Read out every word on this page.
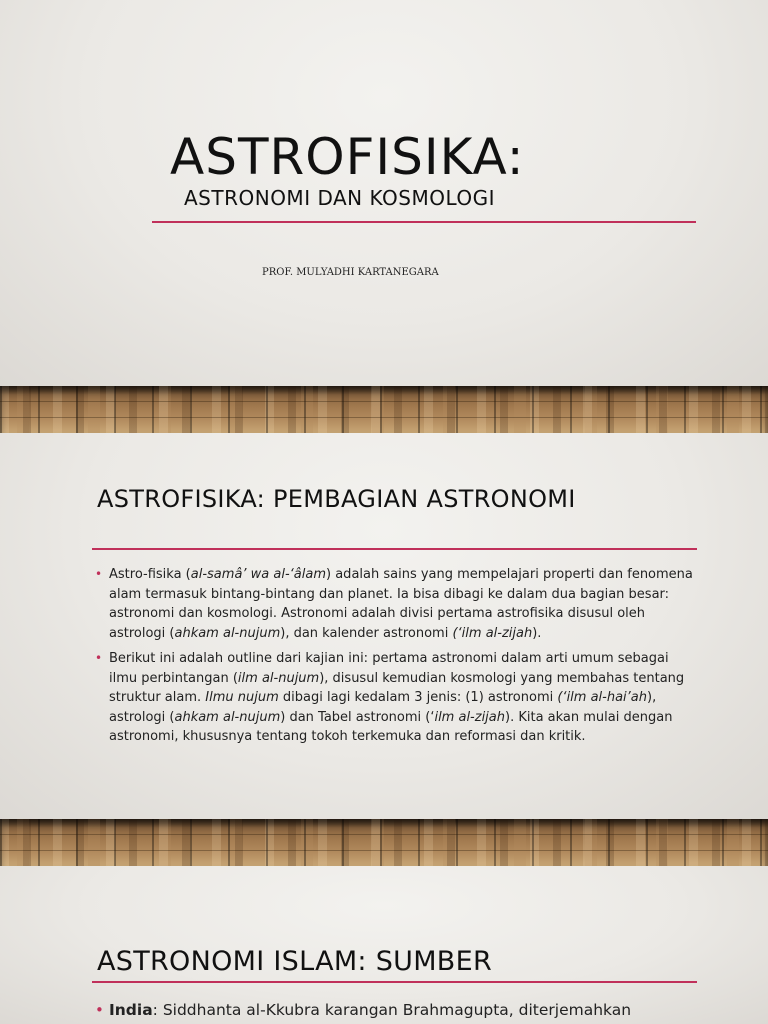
ASTROFISIKA:
ASTRONOMI DAN KOSMOLOGI

PROF. MULYADHI KARTANEGARA

ASTROFISIKA: PEMBAGIAN ASTRONOMI
• Astro-fisika (al-samâ’ wa al-‘âlam) adalah sains yang mempelajari properti dan fenomena alam termasuk bintang-bintang dan planet. Ia bisa dibagi ke dalam dua bagian besar: astronomi dan kosmologi. Astronomi adalah divisi pertama astrofisika disusul oleh astrologi (ahkam al-nujum), dan kalender astronomi (‘ilm al-zijah).
• Berikut ini adalah outline dari kajian ini: pertama astronomi dalam arti umum sebagai ilmu perbintangan (ilm al-nujum), disusul kemudian kosmologi yang membahas tentang struktur alam. Ilmu nujum dibagi lagi kedalam 3 jenis: (1) astronomi (‘ilm al-hai’ah), astrologi (ahkam al-nujum) dan Tabel astronomi (‘ilm al-zijah). Kita akan mulai dengan astronomi, khususnya tentang tokoh terkemuka dan reformasi dan kritik.
ASTRONOMI ISLAM: SUMBER
• India: Siddhanta al-Kkubra karangan Brahmagupta, diterjemahkan
